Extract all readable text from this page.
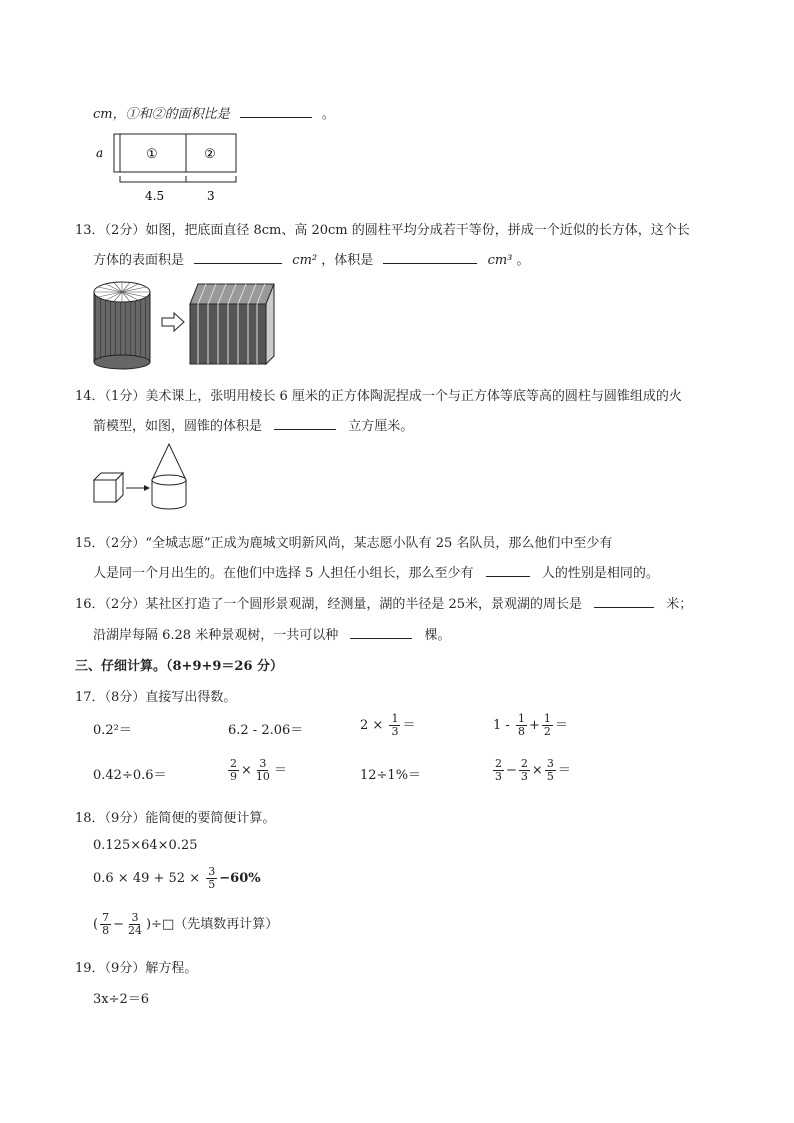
cm，①和②的面积比是	。
a	①	②
4.5	3
13．（2分）如图，把底面直径 8cm、高 20cm 的圆柱平均分成若干等份，拼成一个近似的长方体，这个长
方体的表面积是	cm² ，体积是	cm³ 。
14．（1分）美术课上，张明用棱长 6 厘米的正方体陶泥捏成一个与正方体等底等高的圆柱与圆锥组成的火
箭模型，如图，圆锥的体积是	立方厘米。
15．（2分）“全城志愿”正成为鹿城文明新风尚，某志愿小队有 25 名队员，那么他们中至少有
人是同一个月出生的。在他们中选择 5 人担任小组长，那么至少有	人的性别是相同的。
16．（2分）某社区打造了一个圆形景观湖，经测量，湖的半径是 25米，景观湖的周长是	米；
沿湖岸每隔 6.28 米种景观树，一共可以种	棵。
三、仔细计算。（8+9+9＝26 分）
17．（8分）直接写出得数。
0.2²＝	6.2 - 2.06＝	$2 \times \frac{1}{3}$ ＝	$1 - \frac{1}{8} + \frac{1}{2}$ ＝
0.42÷0.6＝	$\frac{2}{9} \times \frac{3}{10}$ ＝	12÷1%＝	$\frac{2}{3} - \frac{2}{3} \times \frac{3}{5}$ ＝
18．（9分）能简便的要简便计算。
0.125×64×0.25
$0.6 \times 49 + 52 \times \frac{3}{5} -60\%$
( $\frac{7}{8} - \frac{3}{24}$ )÷□（先填数再计算）
19．（9分）解方程。
3x÷2＝6
